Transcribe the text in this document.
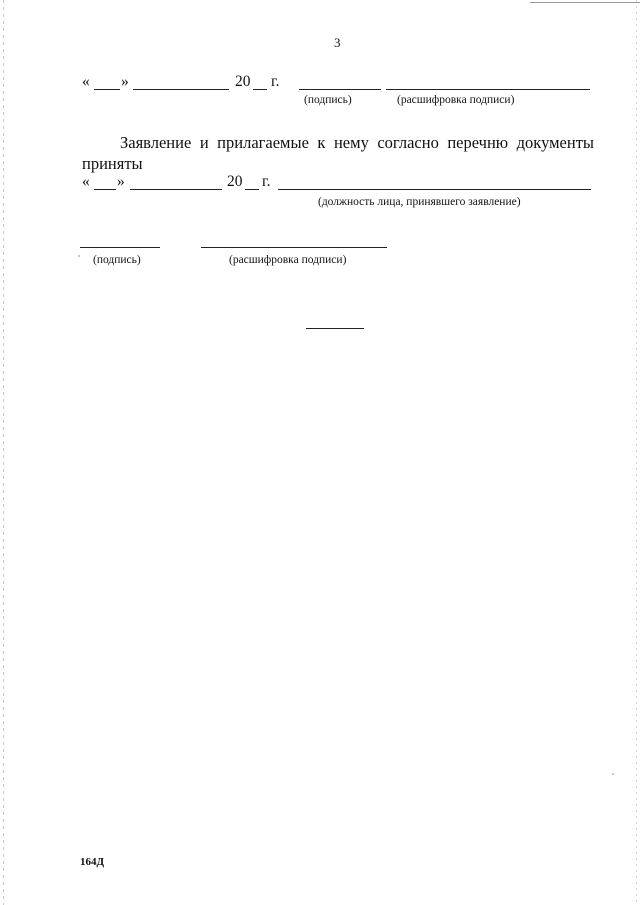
3
« »	20 г.
(подпись)	(расшифровка подписи)
Заявление и прилагаемые к нему согласно перечню документы
приняты
« »	20 г.
(должность лица, принявшего заявление)
(подпись)	(расшифровка подписи)
164Д
